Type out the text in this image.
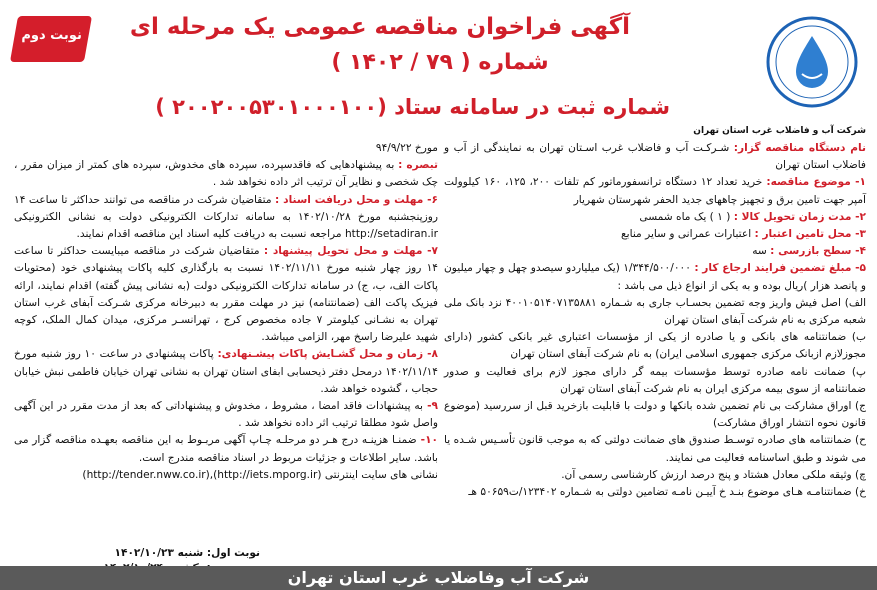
نوبت دوم آگهی فراخوان مناقصه عمومی یک مرحله ای
شماره ( ۷۹ / ۱۴۰۲ )
شماره ثبت در سامانه ستاد (۲۰۰۲۰۰۵۳۰۱۰۰۰۱۰۰ )
شرکت آب و فاضلاب غرب استان تهران

نام دستگاه مناقصه گزار: شـرکـت آب و فاضلاب غرب اسـتان تهران به نمایندگی از آب و فاضلاب استان تهران

۱- موضوع مناقصه: خرید تعداد ۱۲ دستگاه ترانسفورماتور کم تلفات ۲۰۰، ۱۲۵، ۱۶۰ کیلوولت آمپر جهت تامین برق و تجهیز چاههای جدید الحفر شهرستان شهریار

۲- مدت زمان تحویل کالا : ( ۱ ) یک ماه شمسی

۳- محل تامین اعتبار : اعتبارات عمرانی و سایر منابع

۴- سطح بازرسی : سه

۵- مبلغ تضمین فرایند ارجاع کار : ۱/۳۴۴/۵۰۰/۰۰۰ (یک میلیاردو سیصدو چهل و چهار میلیون و پانصد هزار )ریال بوده و به یکی از انواع ذیل می باشد :

الف) اصل فیش واریز وجه تضمین بحسـاب جاری به شـماره ۴۰۰۱۰۵۱۴۰۷۱۳۵۸۸۱ نزد بانک ملی شعبه مرکزی به نام شرکت آبفای استان تهران

ب) ضمانتنامه های بانکی و یا صادره از یکی از مؤسسات اعتباری غیر بانکی کشور (دارای مجوزلازم ازبانک مرکزی جمهوری اسلامی ایران) به نام شرکت آبفای استان تهران

پ) ضمانت نامه صادره توسط مؤسسات بیمه گر دارای مجوز لازم برای فعالیت و صدور ضمانتنامه از سوی بیمه مرکزی ایران به نام شرکت آبفای استان تهران

ج) اوراق مشارکت بی نام تضمین شده بانکها و دولت با قابلیت بازخرید قبل از سررسید (موضوع قانون نحوه انتشار اوراق مشارکت)

ح) ضمانتنامه های صادره توسـط صندوق های ضمانت دولتی که به موجب قانون تأسـیس شـده یا می شوند و طبق اساسنامه فعالیت می نمایند.

چ) وثیقه ملکی معادل هشتاد و پنج درصد ارزش کارشناسی رسمی آن.

خ) ضمانتنامـه هـای موضوع بنـد خ آییـن نامـه تضامین دولتی به شـماره ۱۲۳۴۰۲/ت۵۰۶۵۹ هـ

مورخ ۹۴/۹/۲۲

تبصره : به پیشنهادهایی که فاقدسپرده، سپرده های مخدوش، سپرده های کمتر از میزان مقرر ، چک شخصی و نظایر آن ترتیب اثر داده نخواهد شد .

۶- مهلت و محل دریافت اسناد : متقاضیان شرکت در مناقصه می توانند حداکثر تا ساعت ۱۴ روزپنجشنبه مورخ ۱۴۰۲/۱۰/۲۸ به سامانه تدارکات الکترونیکی دولت به نشانی الکترونیکی http://setadiran.ir مراجعه نسبت به دریافت کلیه اسناد این مناقصه اقدام نمایند.

۷- مهلت و محل تحویل پیشنهاد : متقاضیان شرکت در مناقصه میبایست حداکثر تا ساعت ۱۴ روز چهار شنبه مورخ ۱۴۰۲/۱۱/۱۱ نسبت به بارگذاری کلیه پاکات پیشنهادی خود (محتویات پاکات الف، ب، ج) در سامانه تدارکات الکترونیکی دولت (به نشانی پیش گفته) اقدام نمایند، ارائه فیزیک پاکت الف (ضمانتنامه) نیز در مهلت مقرر به دبیرخانه مرکزی شـرکت آبفای غرب استان تهران به نشـانی کیلومتر ۷ جاده مخصوص کرج ، تهرانسـر مرکزی، میدان کمال الملک، کوچه شهید علیرضا راسخ مهر، الزامی میباشد.

۸- زمان و محل گشـایش پاکات پیشـنهادی: پاکات پیشنهادی در ساعت ۱۰ روز شنبه مورخ ۱۴۰۲/۱۱/۱۴ درمحل دفتر ذیحسابی ابفای استان تهران به نشانی تهران خیابان فاطمی نبش خیابان حجاب ، گشوده خواهد شد.

۹- به پیشنهادات فاقد امضا ، مشروط ، مخدوش و پیشنهاداتی که بعد از مدت مقرر در این آگهی واصل شود مطلقا ترتیب اثر داده نخواهد شد .

۱۰- ضمنـا هزینـه درج هـر دو مرحلـه چـاپ آگهی مربـوط به این مناقصه بعهـده مناقصه گزار می باشد. سایر اطلاعات و جزئیات مربوط در اسناد مناقصه مندرج است.

نشانی های سایت اینترنتی (http://iets.mporg.ir),(http://tender.nww.co.ir)

نوبت اول: شنبه ۱۴۰۲/۱۰/۲۳
شرکت آب وفاضلاب غرب استان تهران
